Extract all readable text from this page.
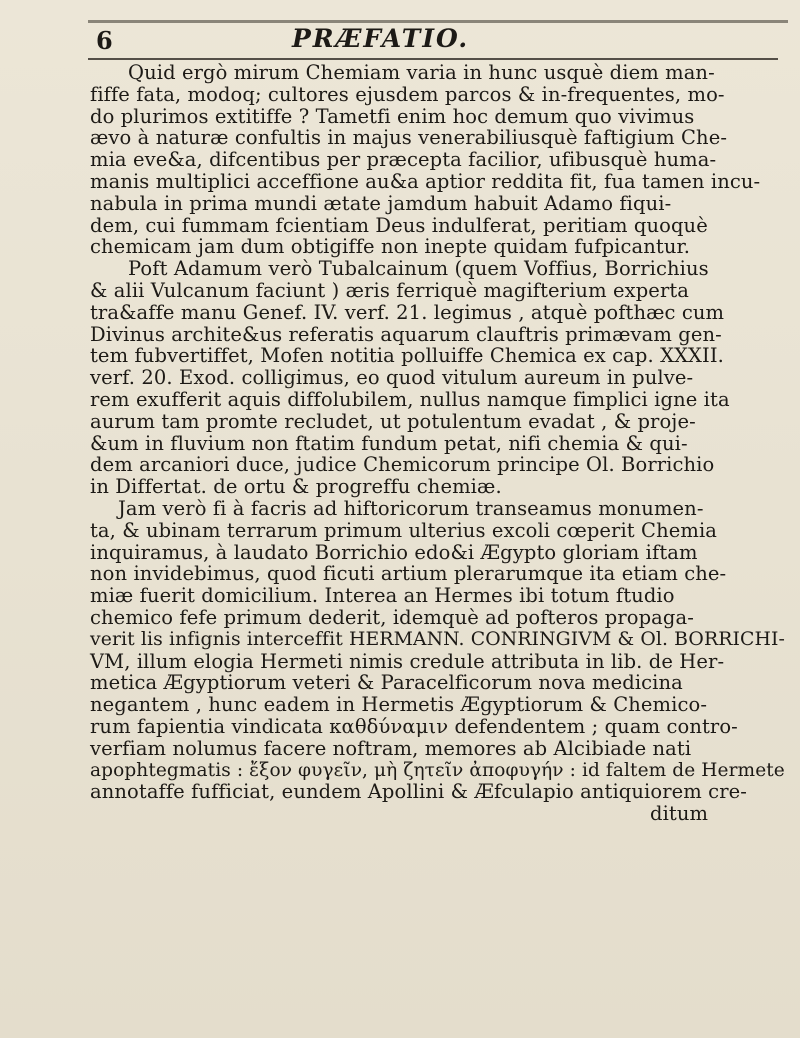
6	PRÆFATIO.
Quid ergò mirum Chemiam varia in hunc usquè diem man-
fiffe fata, modoq; cultores ejusdem parcos & in-frequentes, mo-
do plurimos extitiffe ? Tametfi enim hoc demum quo vivimus
ævo à naturæ confultis in majus venerabiliusquè faftigium Che-
mia eve&a, difcentibus per præcepta facilior, ufibusquè huma-
manis multiplici acceffione au&a aptior reddita fit, fua tamen incu-
nabula in prima mundi ætate jamdum habuit Adamo fiqui-
dem, cui fummam fcientiam Deus indulferat, peritiam quoquè
chemicam jam dum obtigiffe non inepte quidam fufpicantur.
Poft Adamum verò Tubalcainum (quem Voffius, Borrichius
& alii Vulcanum faciunt ) æris ferriquè magifterium experta
tra&affe manu Genef. IV. verf. 21. legimus , atquè pofthæc cum
Divinus archite&us referatis aquarum clauftris primævam gen-
tem fubvertiffet, Mofen notitia polluiffe Chemica ex cap. XXXII.
verf. 20. Exod. colligimus, eo quod vitulum aureum in pulve-
rem exufferit aquis diffolubilem, nullus namque fimplici igne ita
aurum tam promte recludet, ut potulentum evadat , & proje-
&um in fluvium non ftatim fundum petat, nifi chemia & qui-
dem arcaniori duce, judice Chemicorum principe Ol. Borrichio
in Differtat. de ortu & progreffu chemiæ.
Jam verò fi à facris ad hiftoricorum transeamus monumen-
ta, & ubinam terrarum primum ulterius excoli cœperit Chemia
inquiramus, à laudato Borrichio edo&i Ægypto gloriam iftam
non invidebimus, quod ficuti artium plerarumque ita etiam che-
miæ fuerit domicilium. Interea an Hermes ibi totum ftudio
chemico fefe primum dederit, idemquè ad pofteros propaga-
verit lis infignis interceffit HERMANN. CONRINGIVM & Ol. BORRICHI-
VM, illum elogia Hermeti nimis credule attributa in lib. de Her-
metica Ægyptiorum veteri & Paracelficorum nova medicina
negantem , hunc eadem in Hermetis Ægyptiorum & Chemico-
rum fapientia vindicata καθδύναμιν defendentem ; quam contro-
verfiam nolumus facere noftram, memores ab Alcibiade nati
apophtegmatis : ἔξον φυγεῖν, μὴ ζητεῖν ἀποφυγήν : id faltem de Hermete
annotaffe fufficiat, eundem Apollini & Æfculapio antiquiorem cre-
ditum
